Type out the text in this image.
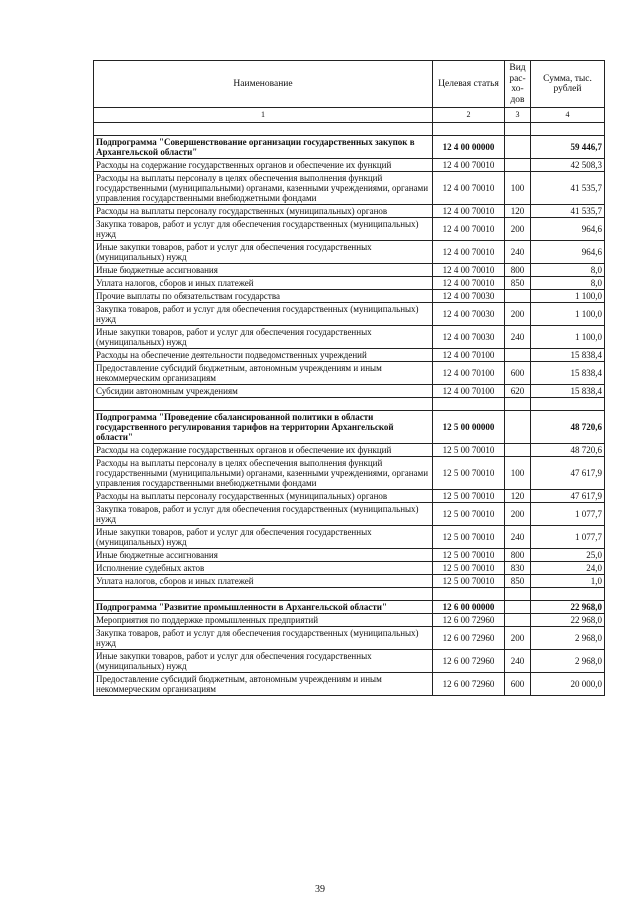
Наименование	Целевая статья	Вид рас- хо- дов	Сумма, тыс. рублей
1	2	3	4

Подпрограмма "Совершенствование организации государственных закупок в Архангельской области"	12 4 00 00000		59 446,7
Расходы на содержание государственных органов и обеспечение их функций	12 4 00 70010		42 508,3
Расходы на выплаты персоналу в целях обеспечения выполнения функций государственными (муниципальными) органами, казенными учреждениями, органами управления государственными внебюджетными фондами	12 4 00 70010	100	41 535,7
Расходы на выплаты персоналу государственных (муниципальных) органов	12 4 00 70010	120	41 535,7
Закупка товаров, работ и услуг для обеспечения государственных (муниципальных) нужд	12 4 00 70010	200	964,6
Иные закупки товаров, работ и услуг для обеспечения государственных (муниципальных) нужд	12 4 00 70010	240	964,6
Иные бюджетные ассигнования	12 4 00 70010	800	8,0
Уплата налогов, сборов и иных платежей	12 4 00 70010	850	8,0
Прочие выплаты по обязательствам государства	12 4 00 70030		1 100,0
Закупка товаров, работ и услуг для обеспечения государственных (муниципальных) нужд	12 4 00 70030	200	1 100,0
Иные закупки товаров, работ и услуг для обеспечения государственных (муниципальных) нужд	12 4 00 70030	240	1 100,0
Расходы на обеспечение деятельности подведомственных учреждений	12 4 00 70100		15 838,4
Предоставление субсидий бюджетным, автономным учреждениям и иным некоммерческим организациям	12 4 00 70100	600	15 838,4
Субсидии автономным учреждениям	12 4 00 70100	620	15 838,4

Подпрограмма "Проведение сбалансированной политики в области государственного регулирования тарифов на территории Архангельской области"	12 5 00 00000		48 720,6
Расходы на содержание государственных органов и обеспечение их функций	12 5 00 70010		48 720,6
Расходы на выплаты персоналу в целях обеспечения выполнения функций государственными (муниципальными) органами, казенными учреждениями, органами управления государственными внебюджетными фондами	12 5 00 70010	100	47 617,9
Расходы на выплаты персоналу государственных (муниципальных) органов	12 5 00 70010	120	47 617,9
Закупка товаров, работ и услуг для обеспечения государственных (муниципальных) нужд	12 5 00 70010	200	1 077,7
Иные закупки товаров, работ и услуг для обеспечения государственных (муниципальных) нужд	12 5 00 70010	240	1 077,7
Иные бюджетные ассигнования	12 5 00 70010	800	25,0
Исполнение судебных актов	12 5 00 70010	830	24,0
Уплата налогов, сборов и иных платежей	12 5 00 70010	850	1,0

Подпрограмма "Развитие промышленности в Архангельской области"	12 6 00 00000		22 968,0
Мероприятия по поддержке промышленных предприятий	12 6 00 72960		22 968,0
Закупка товаров, работ и услуг для обеспечения государственных (муниципальных) нужд	12 6 00 72960	200	2 968,0
Иные закупки товаров, работ и услуг для обеспечения государственных (муниципальных) нужд	12 6 00 72960	240	2 968,0
Предоставление субсидий бюджетным, автономным учреждениям и иным некоммерческим организациям	12 6 00 72960	600	20 000,0
39
